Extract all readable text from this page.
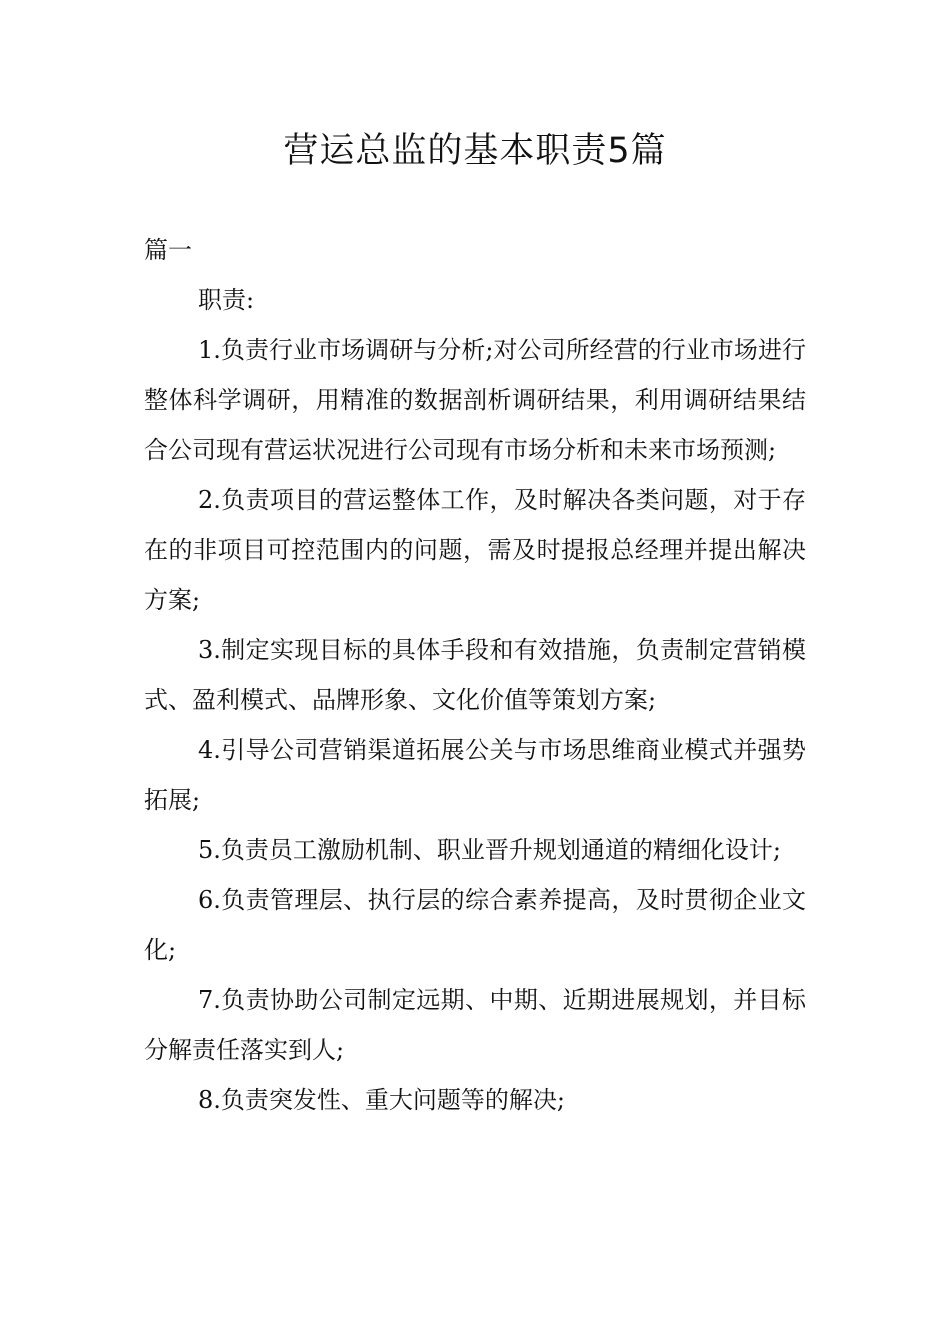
营运总监的基本职责5篇

篇一

职责:

1.负责行业市场调研与分析;对公司所经营的行业市场进行整体科学调研，用精准的数据剖析调研结果，利用调研结果结合公司现有营运状况进行公司现有市场分析和未来市场预测;

2.负责项目的营运整体工作，及时解决各类问题，对于存在的非项目可控范围内的问题，需及时提报总经理并提出解决方案;

3.制定实现目标的具体手段和有效措施，负责制定营销模式、盈利模式、品牌形象、文化价值等策划方案;

4.引导公司营销渠道拓展公关与市场思维商业模式并强势拓展;

5.负责员工激励机制、职业晋升规划通道的精细化设计;

6.负责管理层、执行层的综合素养提高，及时贯彻企业文化;

7.负责协助公司制定远期、中期、近期进展规划，并目标分解责任落实到人;

8.负责突发性、重大问题等的解决;
